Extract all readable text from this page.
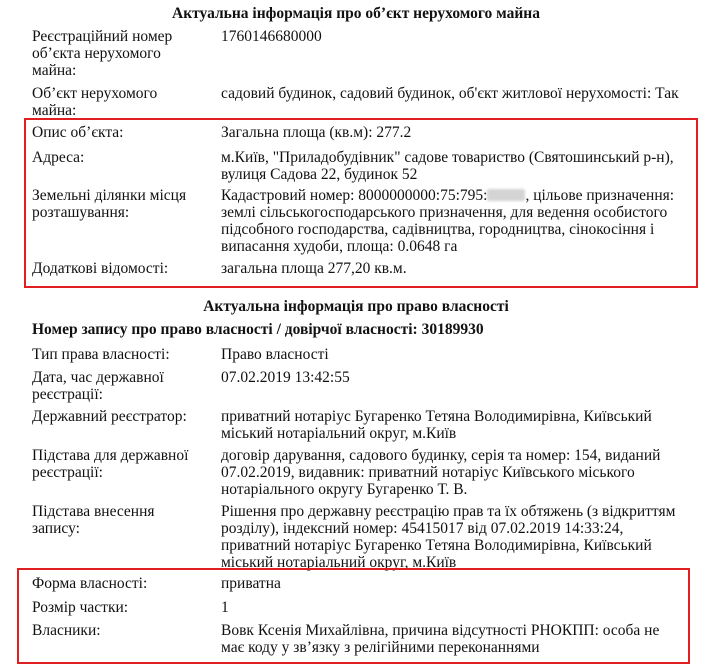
Актуальна інформація про об’єкт нерухомого майна
Реєстраційний номер
об’єкта нерухомого
майна:
1760146680000
Об’єкт нерухомого
майна:
садовий будинок, садовий будинок, об'єкт житлової нерухомості: Так
Опис об’єкта:	Загальна площа (кв.м): 277.2
Адреса:	м.Київ, "Приладобудівник" садове товариство (Святошинський р-н),
вулиця Садова 22, будинок 52
Земельні ділянки місця
розташування:
Кадастровий номер: 8000000000:75:795: , цільове призначення:
землі сільськогосподарського призначення, для ведення особистого
підсобного господарства, садівництва, городництва, сінокосіння і
випасання худоби, площа: 0.0648 га
Додаткові відомості:	загальна площа 277,20 кв.м.
Актуальна інформація про право власності
Номер запису про право власності / довірчої власності: 30189930
Тип права власності:	Право власності
Дата, час державної
реєстрації:
07.02.2019 13:42:55
Державний реєстратор:	приватний нотаріус Бугаренко Тетяна Володимирівна, Київський
міський нотаріальний округ, м.Київ
Підстава для державної
реєстрації:
договір дарування, садового будинку, серія та номер: 154, виданий
07.02.2019, видавник: приватний нотаріус Київського міського
нотаріального округу Бугаренко Т. В.
Підстава внесення
запису:
Рішення про державну реєстрацію прав та їх обтяжень (з відкриттям
розділу), індексний номер: 45415017 від 07.02.2019 14:33:24,
приватний нотаріус Бугаренко Тетяна Володимирівна, Київський
міський нотаріальний округ, м.Київ
Форма власності:	приватна
Розмір частки:	1
Власники:	Вовк Ксенія Михайлівна, причина відсутності РНОКПП: особа не
має коду у зв’язку з релігійними переконаннями
